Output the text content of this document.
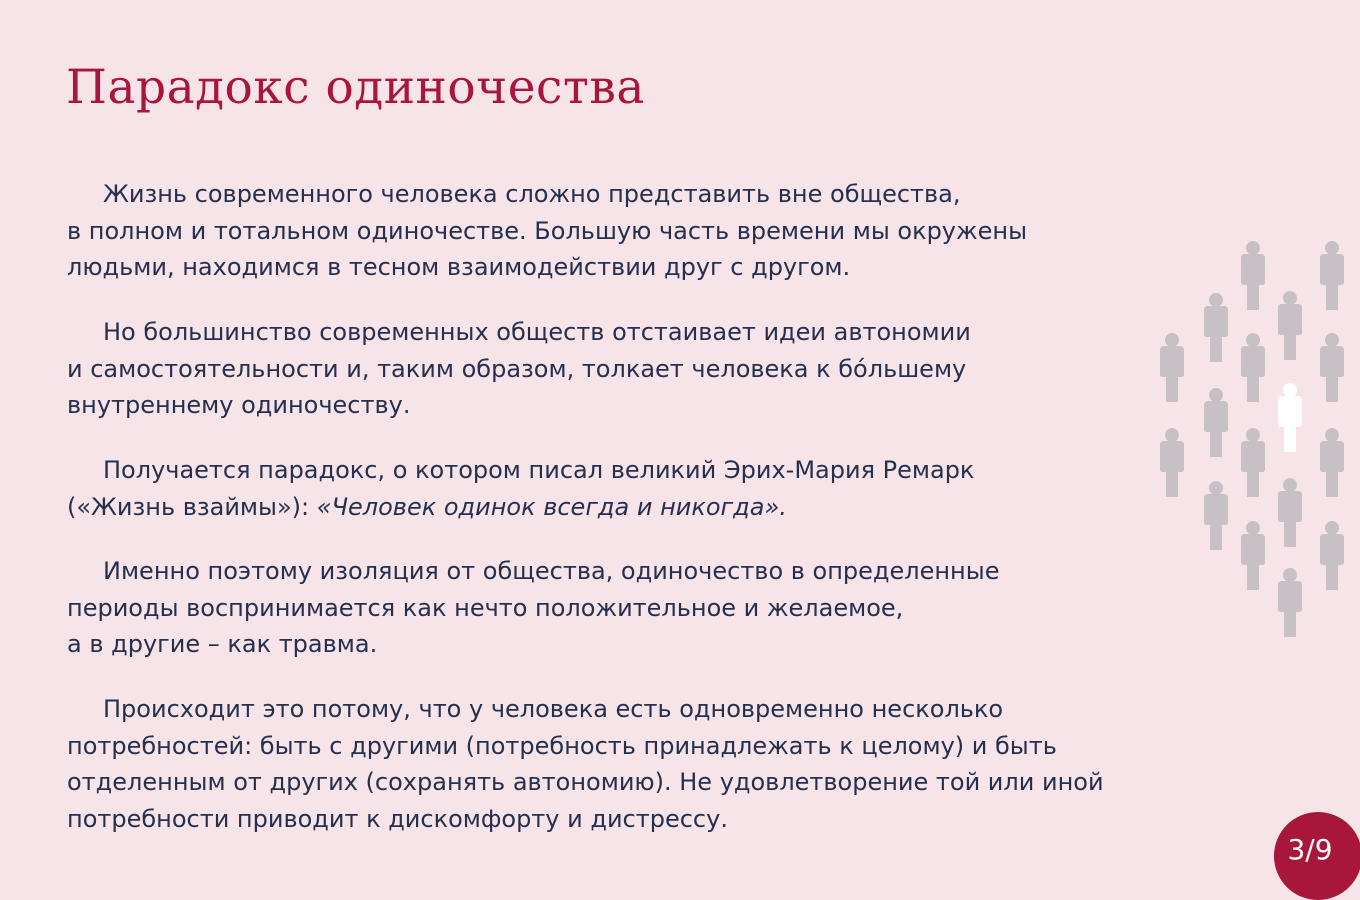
Парадокс одиночества
Жизнь современного человека сложно представить вне общества,
в полном и тотальном одиночестве. Большую часть времени мы окружены
людьми, находимся в тесном взаимодействии друг с другом.
Но большинство современных обществ отстаивает идеи автономии
и самостоятельности и, таким образом, толкает человека к бóльшему
внутреннему одиночеству.
Получается парадокс, о котором писал великий Эрих-Мария Ремарк
(«Жизнь взаймы»): «Человек одинок всегда и никогда».
Именно поэтому изоляция от общества, одиночество в определенные
периоды воспринимается как нечто положительное и желаемое,
а в другие – как травма.
Происходит это потому, что у человека есть одновременно несколько
потребностей: быть с другими (потребность принадлежать к целому) и быть
отделенным от других (сохранять автономию). Не удовлетворение той или иной
потребности приводит к дискомфорту и дистрессу.
3/9
